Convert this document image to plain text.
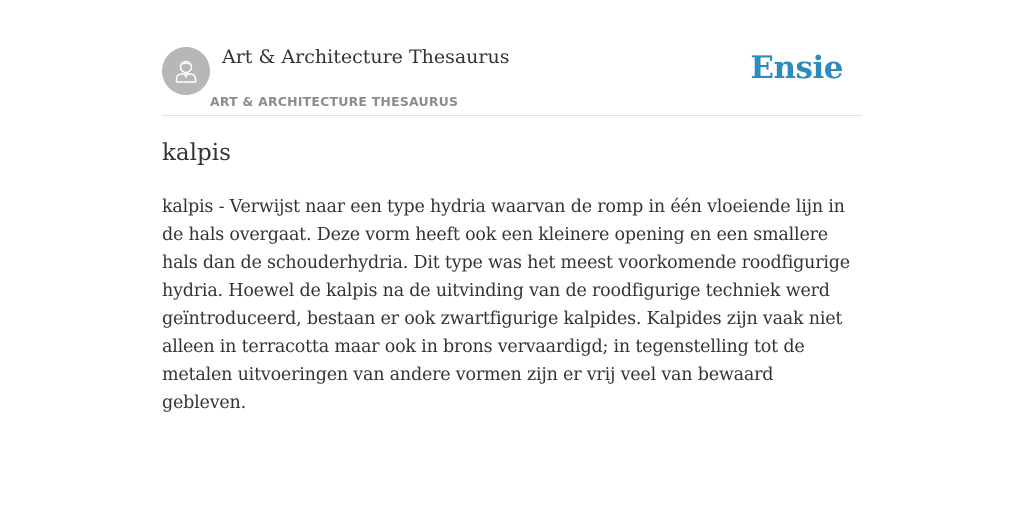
Art & Architecture Thesaurus
ART & ARCHITECTURE THESAURUS
Ensie
kalpis

kalpis - Verwijst naar een type hydria waarvan de romp in één vloeiende lijn in de hals overgaat. Deze vorm heeft ook een kleinere opening en een smallere hals dan de schouderhydria. Dit type was het meest voorkomende roodfigurige hydria. Hoewel de kalpis na de uitvinding van de roodfigurige techniek werd geïntroduceerd, bestaan er ook zwartfigurige kalpides. Kalpides zijn vaak niet alleen in terracotta maar ook in brons vervaardigd; in tegenstelling tot de metalen uitvoeringen van andere vormen zijn er vrij veel van bewaard gebleven.
